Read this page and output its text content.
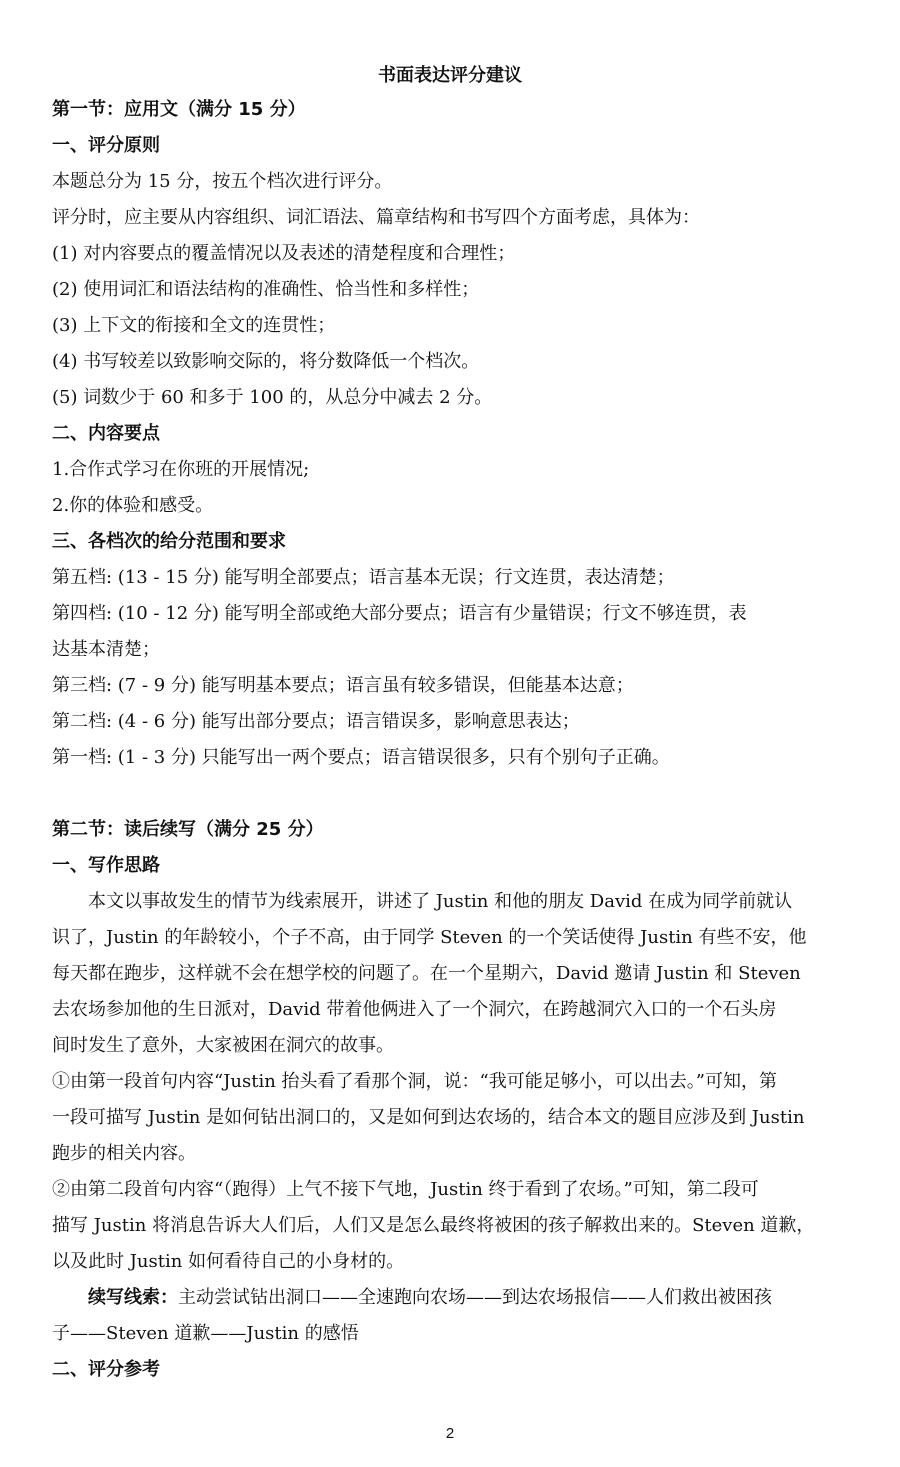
书面表达评分建议
第一节：应用文（满分 15 分）
一、评分原则
本题总分为 15 分，按五个档次进行评分。
评分时，应主要从内容组织、词汇语法、篇章结构和书写四个方面考虑，具体为：
(1) 对内容要点的覆盖情况以及表述的清楚程度和合理性；
(2) 使用词汇和语法结构的准确性、恰当性和多样性；
(3) 上下文的衔接和全文的连贯性；
(4) 书写较差以致影响交际的，将分数降低一个档次。
(5) 词数少于 60 和多于 100 的，从总分中减去 2 分。
二、内容要点
1.合作式学习在你班的开展情况;
2.你的体验和感受。
三、各档次的给分范围和要求
第五档: (13 - 15 分) 能写明全部要点；语言基本无误；行文连贯，表达清楚；
第四档: (10 - 12 分) 能写明全部或绝大部分要点；语言有少量错误；行文不够连贯，表
达基本清楚；
第三档: (7 - 9 分) 能写明基本要点；语言虽有较多错误，但能基本达意；
第二档: (4 - 6 分) 能写出部分要点；语言错误多，影响意思表达；
第一档: (1 - 3 分) 只能写出一两个要点；语言错误很多，只有个别句子正确。
第二节：读后续写（满分 25 分）
一、写作思路
本文以事故发生的情节为线索展开，讲述了 Justin 和他的朋友 David 在成为同学前就认
识了，Justin 的年龄较小，个子不高，由于同学 Steven 的一个笑话使得 Justin 有些不安，他
每天都在跑步，这样就不会在想学校的问题了。在一个星期六，David 邀请 Justin 和 Steven
去农场参加他的生日派对，David 带着他俩进入了一个洞穴，在跨越洞穴入口的一个石头房
间时发生了意外，大家被困在洞穴的故事。
①由第一段首句内容“Justin 抬头看了看那个洞，说：“我可能足够小，可以出去。”可知，第
一段可描写 Justin 是如何钻出洞口的，又是如何到达农场的，结合本文的题目应涉及到 Justin
跑步的相关内容。
②由第二段首句内容“（跑得）上气不接下气地，Justin 终于看到了农场。”可知，第二段可
描写 Justin 将消息告诉大人们后，人们又是怎么最终将被困的孩子解救出来的。Steven 道歉，
以及此时 Justin 如何看待自己的小身材的。
续写线索：主动尝试钻出洞口——全速跑向农场——到达农场报信——人们救出被困孩
子——Steven 道歉——Justin 的感悟
二、评分参考
2
